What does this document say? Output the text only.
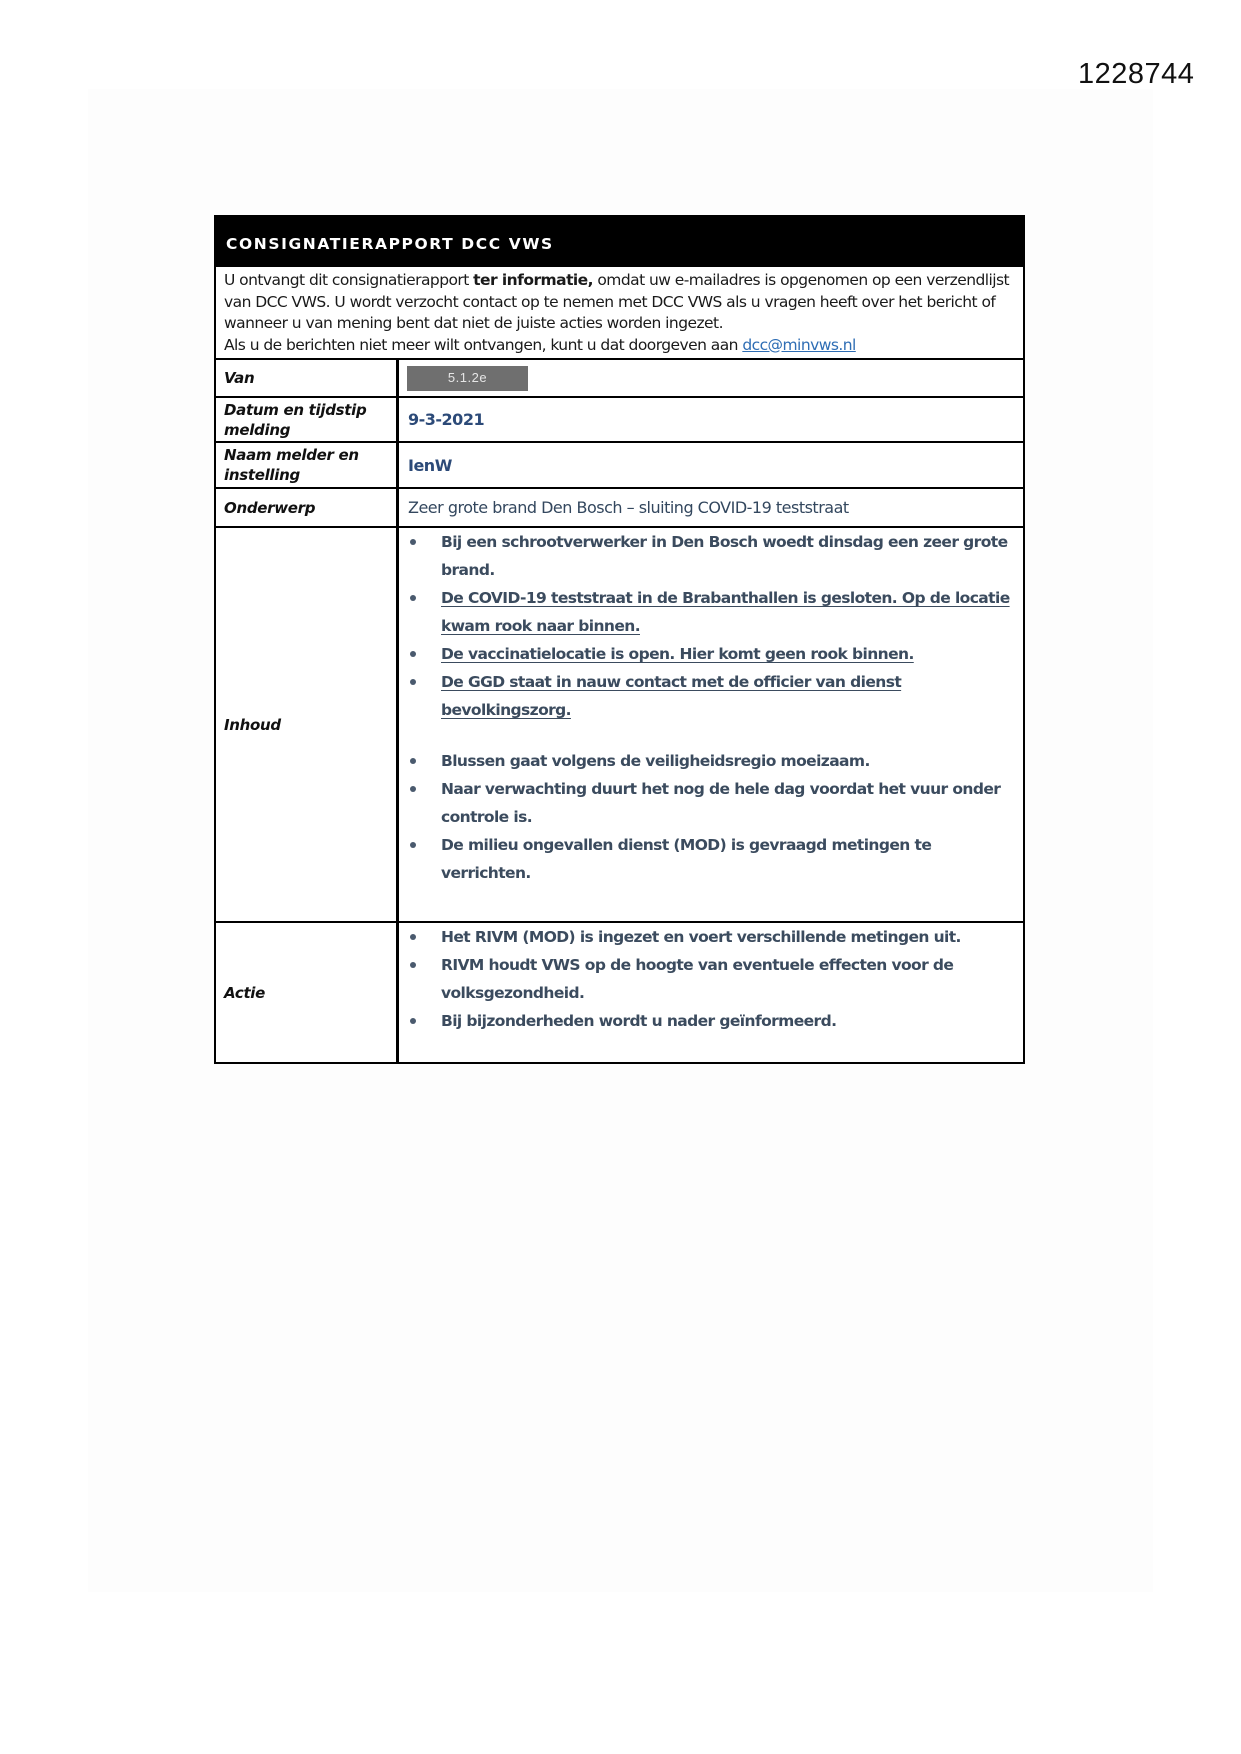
1228744
CONSIGNATIERAPPORT DCC VWS
U ontvangt dit consignatierapport ter informatie, omdat uw e-mailadres is opgenomen op een verzendlijst van DCC VWS. U wordt verzocht contact op te nemen met DCC VWS als u vragen heeft over het bericht of wanneer u van mening bent dat niet de juiste acties worden ingezet.
Als u de berichten niet meer wilt ontvangen, kunt u dat doorgeven aan dcc@minvws.nl
Van	5.1.2e
Datum en tijdstip melding
9-3-2021
Naam melder en instelling
IenW
Onderwerp	Zeer grote brand Den Bosch – sluiting COVID-19 teststraat
Inhoud
Bij een schrootverwerker in Den Bosch woedt dinsdag een zeer grote brand.
De COVID-19 teststraat in de Brabanthallen is gesloten. Op de locatie kwam rook naar binnen.
De vaccinatielocatie is open. Hier komt geen rook binnen.
De GGD staat in nauw contact met de officier van dienst bevolkingszorg.
Blussen gaat volgens de veiligheidsregio moeizaam.
Naar verwachting duurt het nog de hele dag voordat het vuur onder controle is.
De milieu ongevallen dienst (MOD) is gevraagd metingen te verrichten.
Actie
Het RIVM (MOD) is ingezet en voert verschillende metingen uit.
RIVM houdt VWS op de hoogte van eventuele effecten voor de volksgezondheid.
Bij bijzonderheden wordt u nader geïnformeerd.
